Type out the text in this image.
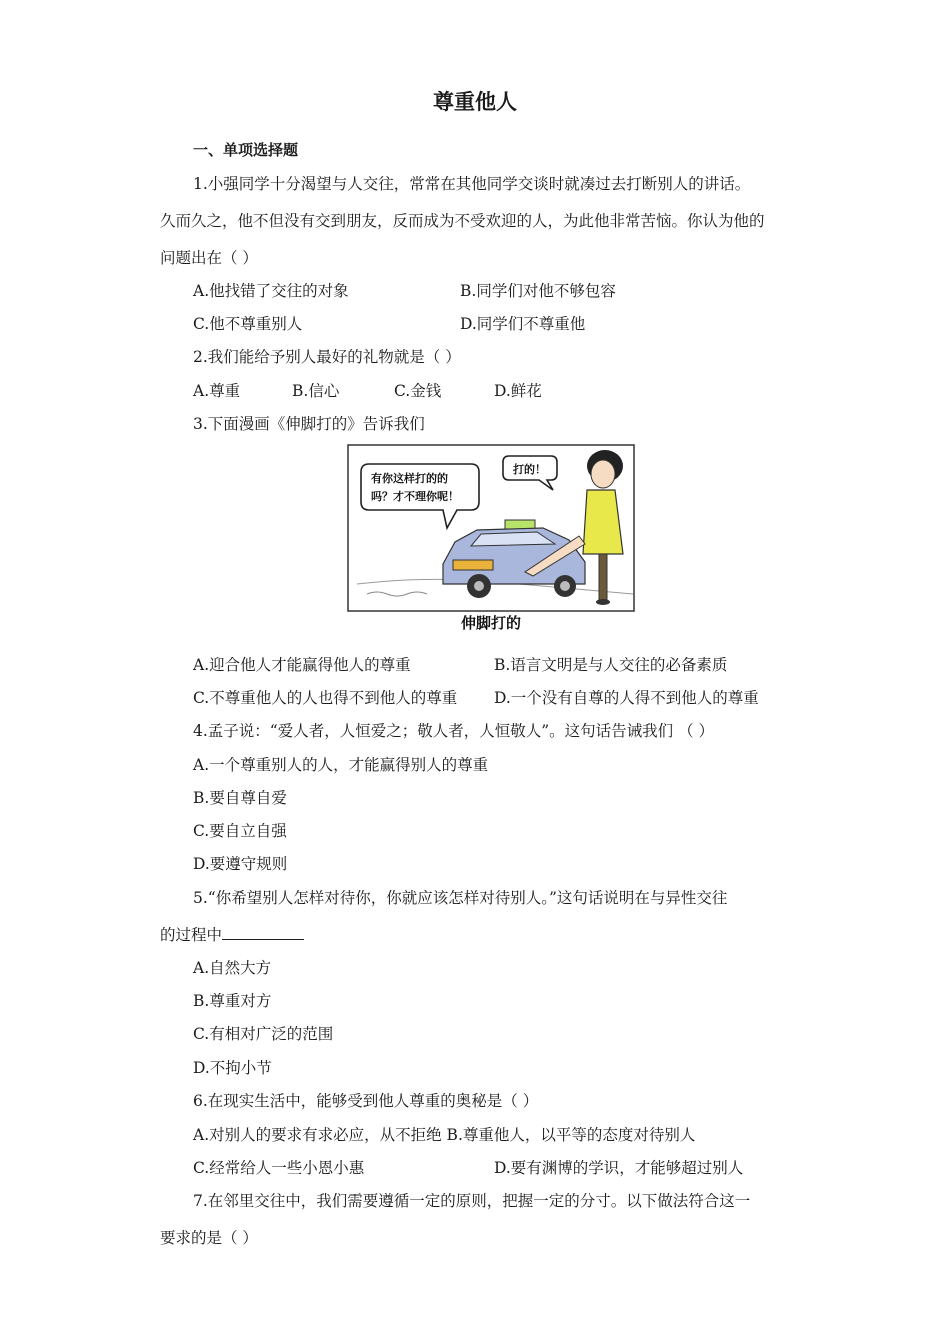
尊重他人
一、单项选择题
1.小强同学十分渴望与人交往，常常在其他同学交谈时就凑过去打断别人的讲话。
久而久之，他不但没有交到朋友，反而成为不受欢迎的人，为此他非常苦恼。你认为他的
问题出在（ ）
A.他找错了交往的对象	B.同学们对他不够包容
C.他不尊重别人	D.同学们不尊重他
2.我们能给予别人最好的礼物就是（ ）
A.尊重	B.信心	C.金钱	D.鲜花
3.下面漫画《伸脚打的》告诉我们
有你这样打的的
吗？才不理你呢！
打的！
伸脚打的
A.迎合他人才能赢得他人的尊重	B.语言文明是与人交往的必备素质
C.不尊重他人的人也得不到他人的尊重 D.一个没有自尊的人得不到他人的尊重
4.孟子说：“爱人者，人恒爱之；敬人者，人恒敬人”。这句话告诫我们 （ ）
A.一个尊重别人的人，才能赢得别人的尊重
B.要自尊自爱
C.要自立自强
D.要遵守规则
5.“你希望别人怎样对待你，你就应该怎样对待别人。”这句话说明在与异性交往
的过程中
A.自然大方
B.尊重对方
C.有相对广泛的范围
D.不拘小节
6.在现实生活中，能够受到他人尊重的奥秘是（ ）
A.对别人的要求有求必应，从不拒绝 B.尊重他人，以平等的态度对待别人
C.经常给人一些小恩小惠	D.要有渊博的学识，才能够超过别人
7.在邻里交往中，我们需要遵循一定的原则，把握一定的分寸。以下做法符合这一
要求的是（ ）
